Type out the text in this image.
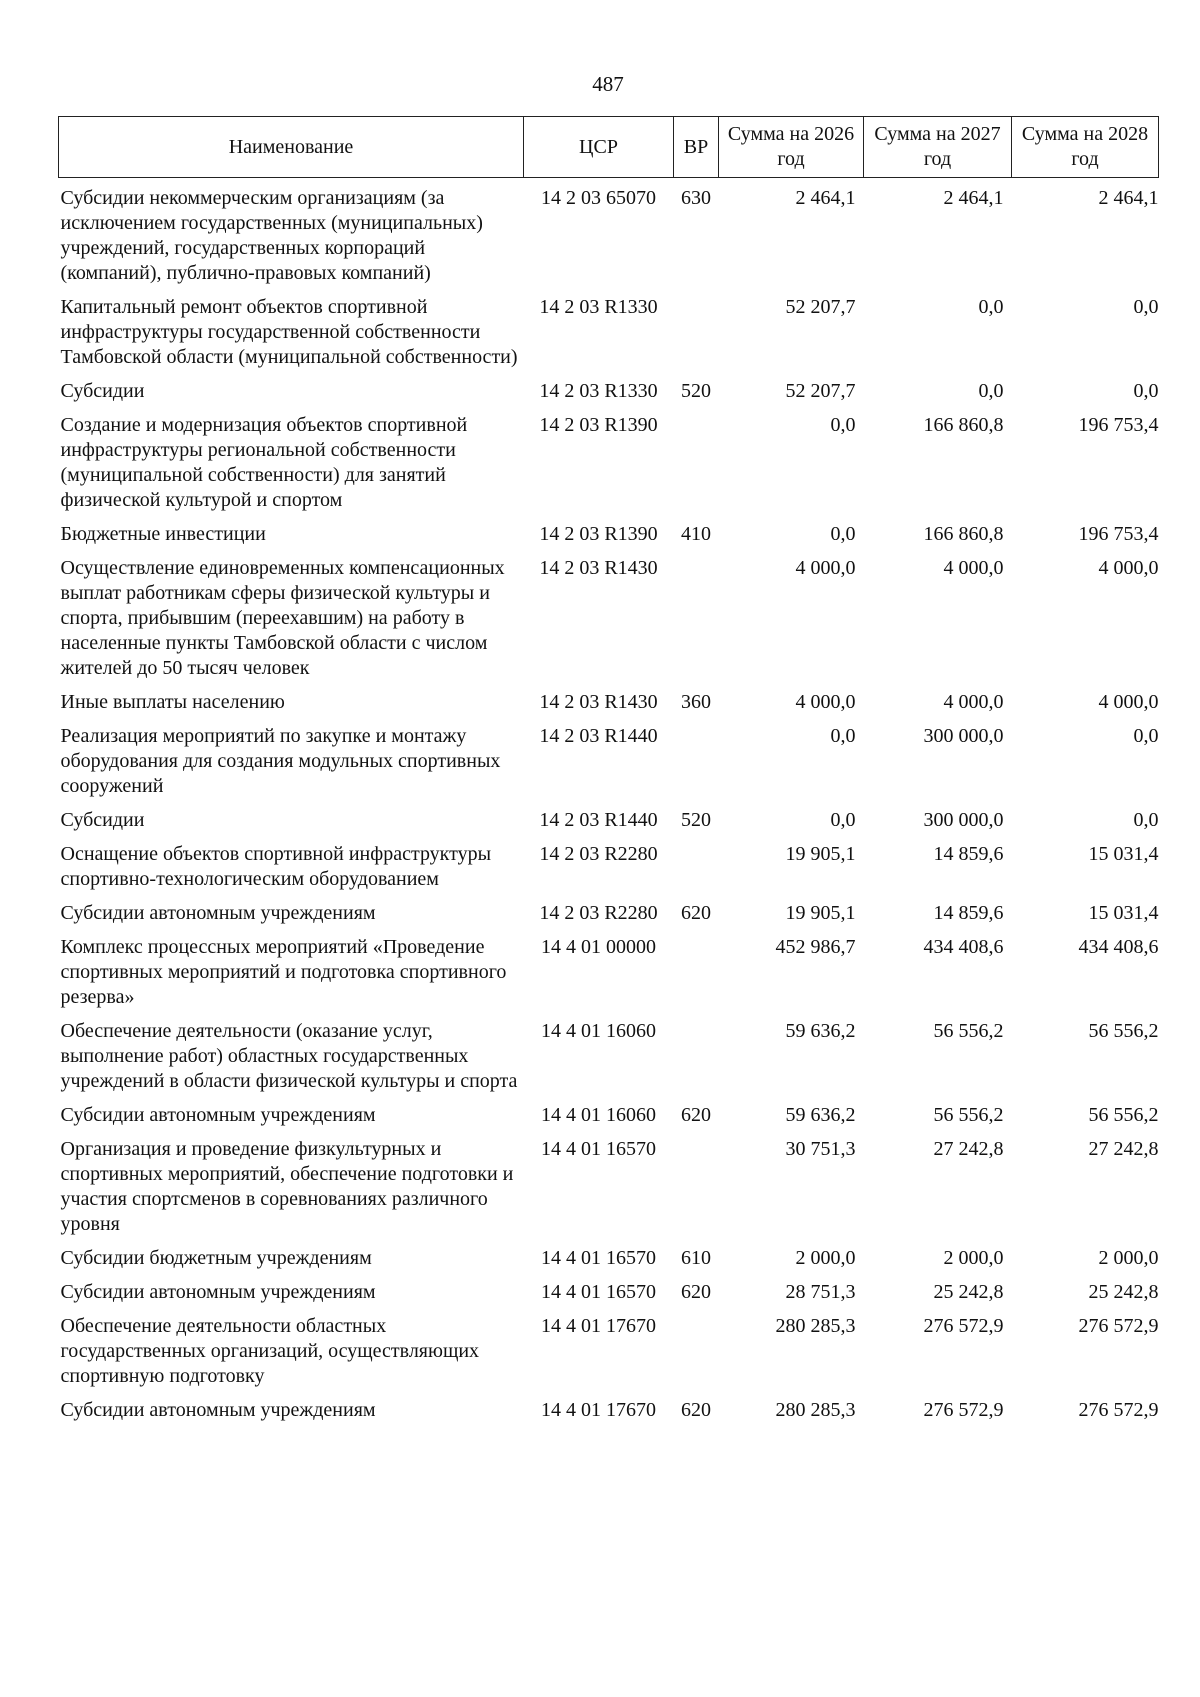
487
Наименование	ЦСР	ВР	Сумма на 2026 год	Сумма на 2027 год	Сумма на 2028 год
Субсидии некоммерческим организациям (за исключением государственных (муниципальных) учреждений, государственных корпораций (компаний), публично-правовых компаний)	14 2 03 65070	630	2 464,1	2 464,1	2 464,1
Капитальный ремонт объектов спортивной инфраструктуры государственной собственности Тамбовской области (муниципальной собственности)	14 2 03 R1330		52 207,7	0,0	0,0
Субсидии	14 2 03 R1330	520	52 207,7	0,0	0,0
Создание и модернизация объектов спортивной инфраструктуры региональной собственности (муниципальной собственности) для занятий физической культурой и спортом	14 2 03 R1390		0,0	166 860,8	196 753,4
Бюджетные инвестиции	14 2 03 R1390	410	0,0	166 860,8	196 753,4
Осуществление единовременных компенсационных выплат работникам сферы физической культуры и спорта, прибывшим (переехавшим) на работу в населенные пункты Тамбовской области с числом жителей до 50 тысяч человек	14 2 03 R1430		4 000,0	4 000,0	4 000,0
Иные выплаты населению	14 2 03 R1430	360	4 000,0	4 000,0	4 000,0
Реализация мероприятий по закупке и монтажу оборудования для создания модульных спортивных сооружений	14 2 03 R1440		0,0	300 000,0	0,0
Субсидии	14 2 03 R1440	520	0,0	300 000,0	0,0
Оснащение объектов спортивной инфраструктуры спортивно-технологическим оборудованием	14 2 03 R2280		19 905,1	14 859,6	15 031,4
Субсидии автономным учреждениям	14 2 03 R2280	620	19 905,1	14 859,6	15 031,4
Комплекс процессных мероприятий «Проведение спортивных мероприятий и подготовка спортивного резерва»	14 4 01 00000		452 986,7	434 408,6	434 408,6
Обеспечение деятельности (оказание услуг, выполнение работ) областных государственных учреждений в области физической культуры и спорта	14 4 01 16060		59 636,2	56 556,2	56 556,2
Субсидии автономным учреждениям	14 4 01 16060	620	59 636,2	56 556,2	56 556,2
Организация и проведение физкультурных и спортивных мероприятий, обеспечение подготовки и участия спортсменов в соревнованиях различного уровня	14 4 01 16570		30 751,3	27 242,8	27 242,8
Субсидии бюджетным учреждениям	14 4 01 16570	610	2 000,0	2 000,0	2 000,0
Субсидии автономным учреждениям	14 4 01 16570	620	28 751,3	25 242,8	25 242,8
Обеспечение деятельности областных государственных организаций, осуществляющих спортивную подготовку	14 4 01 17670		280 285,3	276 572,9	276 572,9
Субсидии автономным учреждениям	14 4 01 17670	620	280 285,3	276 572,9	276 572,9
